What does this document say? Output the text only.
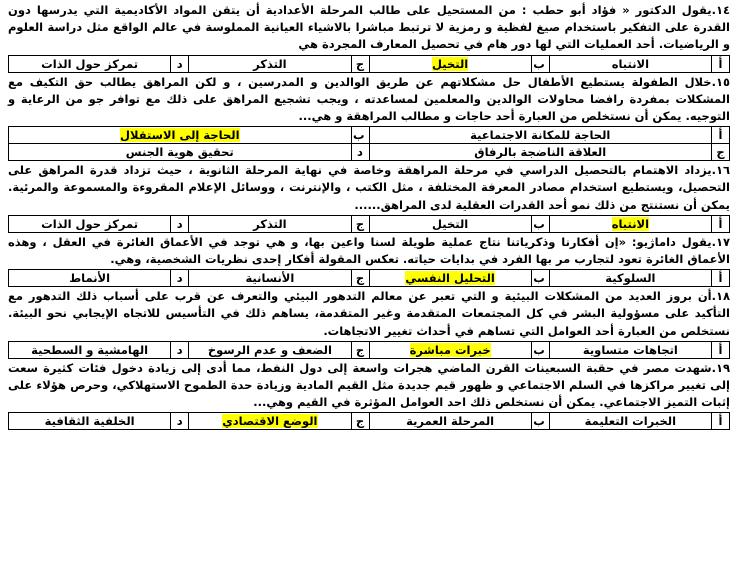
١٤.يقول الدكتور « فؤاد أبو حطب : من المستحيل على طالب المرحلة الأعدادية أن يتقن المواد الأكاديمية التي يدرسها دون القدرة على التفكير باستخدام صيغ لفظية و رمزية لا ترتبط مباشرا بالاشياء العيانية المملوسة في عالم الواقع مثل دراسة العلوم و الرياضيات. أحد العمليات التي لها دور هام في تحصيل المعارف المجردة هي

أ	الانتباه	ب	التخيل	ج	التذكر	د	تمركز حول الذات

١٥.خلال الطفولة يستطيع الأطفال حل مشكلاتهم عن طريق الوالدين و المدرسين ، و لكن المراهق يطالب حق التكيف مع المشكلات بمفردة رافضا محاولات الوالدين والمعلمين لمساعدته ، ويجب تشجيع المراهق على ذلك مع توافر جو من الرعاية و التوجيه. يمكن أن نستخلص من العبارة أحد حاجات و مطالب المراهقة و هي...

أ	الحاجة للمكانة الاجتماعية	ب	الحاجة إلى الاستقلال
ج	العلاقة الناضجة بالرفاق	د	تحقيق هوية الجنس

١٦.يزداد الاهتمام بالتحصيل الدراسي في مرحلة المراهقة وخاصة في نهاية المرحلة الثانوية ، حيث تزداد قدرة المراهق على التحصيل، ويستطيع استخدام مصادر المعرفة المختلفة ، مثل الكتب ، والإنترنت ، ووسائل الإعلام المقروءة والمسموعة والمرئية. يمكن أن نستنتج من ذلك نمو أحد القدرات العقلية لدى المراهق......

أ	الانتباه	ب	التخيل	ج	التذكر	د	تمركز حول الذات

١٧.يقول داماژيو: «إن أفكارنا وذكرياتنا نتاج عملية طويلة لسنا واعين بها، و هي توجد في الأعماق الغائرة في العقل ، وهذه الأعماق الغائرة تعود لتجارب مر بها الفرد في بدايات حياته. تعكس المقولة أفكار إحدى نظريات الشخصية، وهي.

أ	السلوكية	ب	التحليل النفسي	ج	الأنسانية	د	الأنماط

١٨.أن بروز العديد من المشكلات البيئية و التي تعبر عن معالم التدهور البيئي والتعرف عن قرب على أسباب ذلك التدهور مع التأكيد على مسؤولية البشر في كل المجتمعات المتقدمة وغير المتقدمة، يساهم ذلك في التأسيس للاتجاه الإيجابي نحو البيئة. نستخلص من العبارة أحد العوامل التي تساهم في أحداث تغيير الاتجاهات.

أ	اتجاهات متساوية	ب	خبرات مباشرة	ج	الضعف و عدم الرسوخ	د	الهامشية و السطحية

١٩.شهدت مصر في حقبة السبعينات القرن الماضي هجرات واسعة إلى دول النفط، مما أدى إلى زيادة دخول فئات كثيرة سعت إلى تغيير مراكزها في السلم الاجتماعي و ظهور قيم جديدة مثل القيم المادية وزيادة حدة الطموح الاستهلاكي، وحرص هؤلاء على إثبات التميز الاجتماعي. يمكن أن نستخلص ذلك احد العوامل المؤثرة في القيم وهي...

أ	الخبرات التعليمة	ب	المرحلة العمرية	ج	الوضع الاقتصادي	د	الخلفية الثقافية
